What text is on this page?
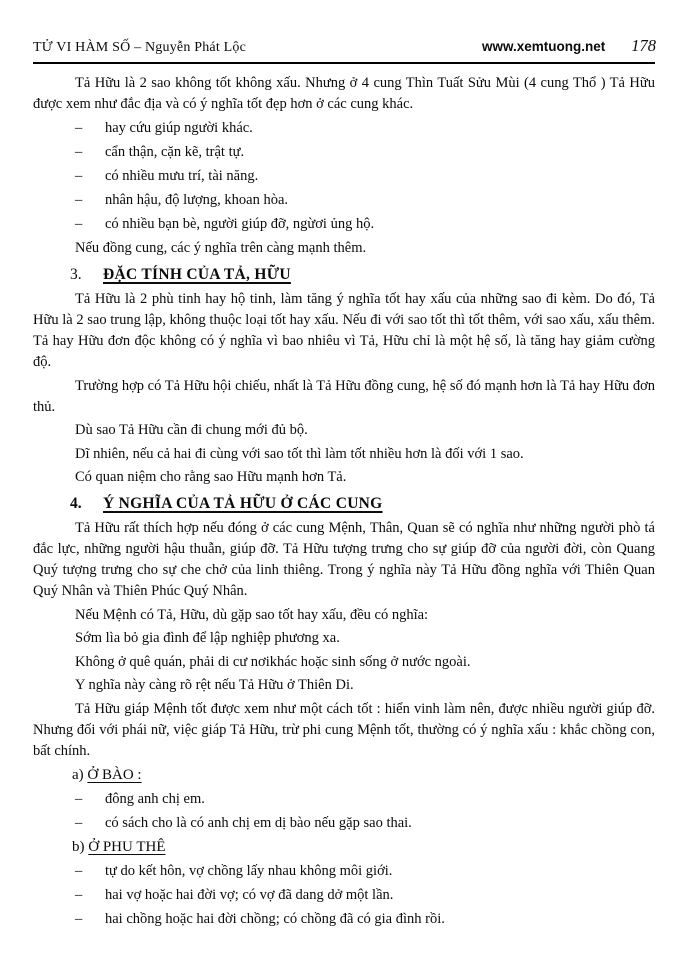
TỬ VI HÀM SỐ – Nguyễn Phát Lộc	www.xemtuong.net 178

Tả Hữu là 2 sao không tốt không xấu. Nhưng ở 4 cung Thìn Tuất Sửu Mùi (4 cung Thổ ) Tả Hữu được xem như đắc địa và có ý nghĩa tốt đẹp hơn ở các cung khác.

– hay cứu giúp người khác.
– cẩn thận, cặn kẽ, trật tự.
– có nhiều mưu trí, tài năng.
– nhân hậu, độ lượng, khoan hòa.
– có nhiều bạn bè, người giúp đỡ, ngừơi ủng hộ.

Nếu đồng cung, các ý nghĩa trên càng mạnh thêm.

3. ĐẶC TÍNH CỦA TẢ, HỮU

Tả Hữu là 2 phù tinh hay hộ tinh, làm tăng ý nghĩa tốt hay xấu của những sao đi kèm. Do đó, Tả Hữu là 2 sao trung lập, không thuộc loại tốt hay xấu. Nếu đi với sao tốt thì tốt thêm, với sao xấu, xấu thêm. Tả hay Hữu đơn độc không có ý nghĩa vì bao nhiêu vì Tả, Hữu chỉ là một hệ số, là tăng hay giảm cường độ.

Trường hợp có Tả Hữu hội chiếu, nhất là Tả Hữu đồng cung, hệ số đó mạnh hơn là Tả hay Hữu đơn thủ.

Dù sao Tả Hữu cần đi chung mới đủ bộ.

Dĩ nhiên, nếu cả hai đi cùng với sao tốt thì làm tốt nhiều hơn là đối với 1 sao.

Có quan niệm cho rằng sao Hữu mạnh hơn Tả.

4. Ý NGHĨA CỦA TẢ HỮU Ở CÁC CUNG

Tả Hữu rất thích hợp nếu đóng ở các cung Mệnh, Thân, Quan sẽ có nghĩa như những người phò tá đắc lực, những người hậu thuẫn, giúp đỡ. Tả Hữu tượng trưng cho sự giúp đỡ của người đời, còn Quang Quý tượng trưng cho sự che chở của linh thiêng. Trong ý nghĩa này Tả Hữu đồng nghĩa với Thiên Quan Quý Nhân và Thiên Phúc Quý Nhân.

Nếu Mệnh có Tả, Hữu, dù gặp sao tốt hay xấu, đều có nghĩa:

Sớm lìa bỏ gia đình để lập nghiệp phương xa.

Không ở quê quán, phải di cư nơikhác hoặc sinh sống ở nước ngoài.

Y nghĩa này càng rõ rệt nếu Tả Hữu ở Thiên Di.

Tả Hữu giáp Mệnh tốt được xem như một cách tốt : hiển vinh làm nên, được nhiều người giúp đỡ. Nhưng đối với phái nữ, việc giáp Tả Hữu, trừ phi cung Mệnh tốt, thường có ý nghĩa xấu : khắc chồng con, bất chính.

a) Ở BÀO :
– đông anh chị em.
– có sách cho là có anh chị em dị bào nếu gặp sao thai.
b) Ở PHU THÊ
– tự do kết hôn, vợ chồng lấy nhau không môi giới.
– hai vợ hoặc hai đời vợ; có vợ đã dang dở một lần.
– hai chồng hoặc hai đời chồng; có chồng đã có gia đình rồi.
